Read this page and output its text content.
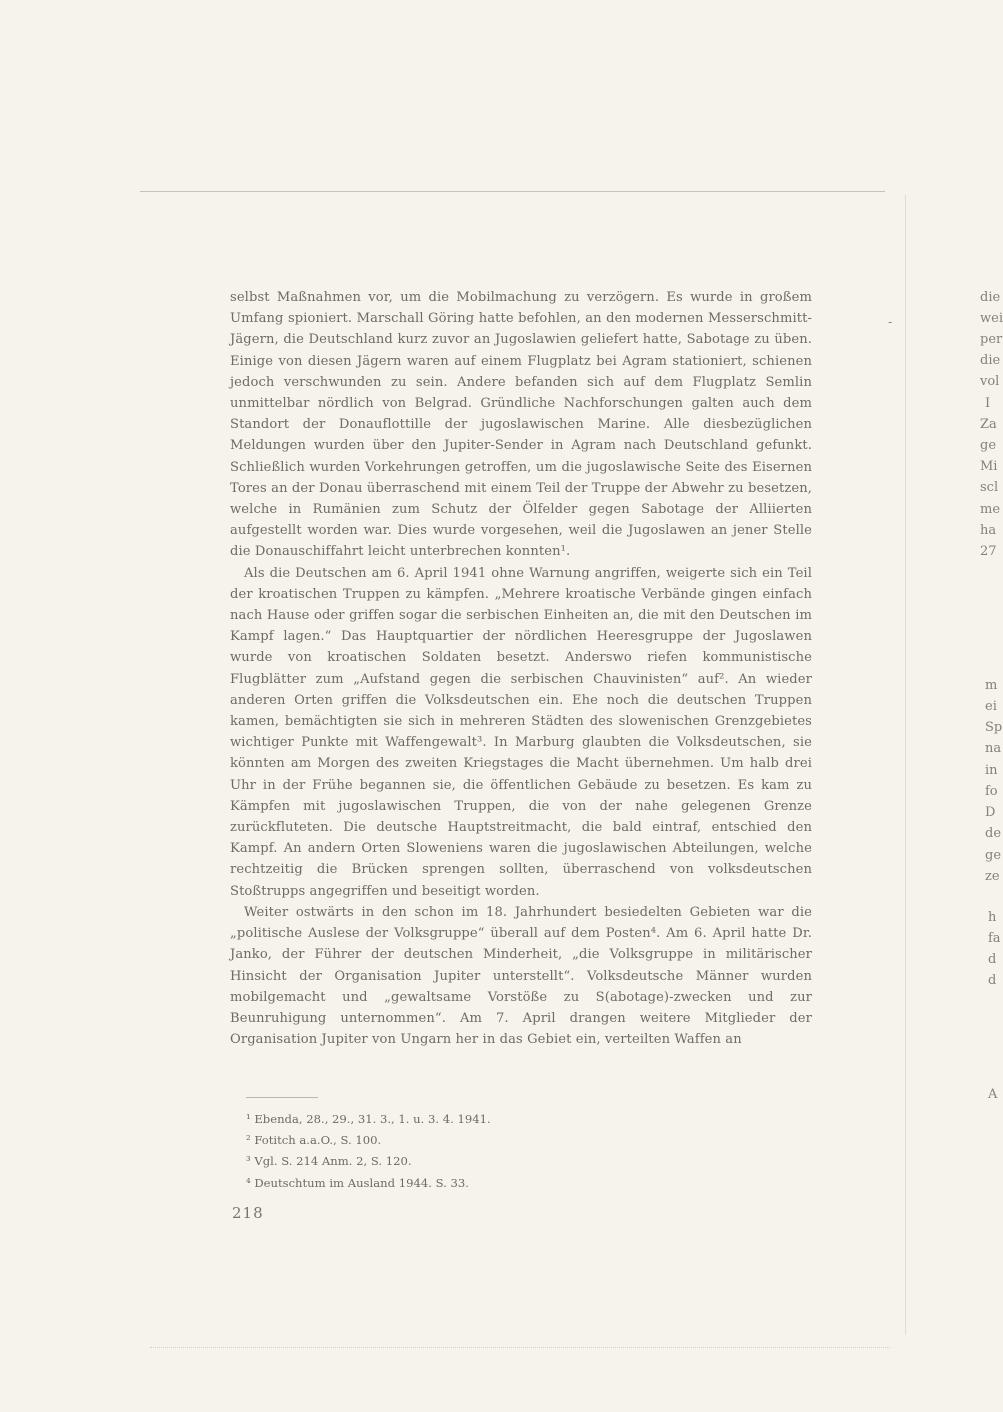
selbst Maßnahmen vor, um die Mobilmachung zu verzögern. Es wurde in großem Umfang spioniert. Marschall Göring hatte befohlen, an den modernen Messerschmitt-Jägern, die Deutschland kurz zuvor an Jugoslawien geliefert hatte, Sabotage zu üben. Einige von diesen Jägern waren auf einem Flugplatz bei Agram stationiert, schienen jedoch verschwunden zu sein. Andere befanden sich auf dem Flugplatz Semlin unmittelbar nördlich von Belgrad. Gründliche Nachforschungen galten auch dem Standort der Donauflottille der jugoslawischen Marine. Alle diesbezüglichen Meldungen wurden über den Jupiter-Sender in Agram nach Deutschland gefunkt. Schließlich wurden Vorkehrungen getroffen, um die jugoslawische Seite des Eisernen Tores an der Donau überraschend mit einem Teil der Truppe der Abwehr zu besetzen, welche in Rumänien zum Schutz der Ölfelder gegen Sabotage der Alliierten aufgestellt worden war. Dies wurde vorgesehen, weil die Jugoslawen an jener Stelle die Donauschiffahrt leicht unterbrechen konnten¹.

Als die Deutschen am 6. April 1941 ohne Warnung angriffen, weigerte sich ein Teil der kroatischen Truppen zu kämpfen. „Mehrere kroatische Verbände gingen einfach nach Hause oder griffen sogar die serbischen Einheiten an, die mit den Deutschen im Kampf lagen.“ Das Hauptquartier der nördlichen Heeresgruppe der Jugoslawen wurde von kroatischen Soldaten besetzt. Anderswo riefen kommunistische Flugblätter zum „Aufstand gegen die serbischen Chauvinisten“ auf². An wieder anderen Orten griffen die Volksdeutschen ein. Ehe noch die deutschen Truppen kamen, bemächtigten sie sich in mehreren Städten des slowenischen Grenzgebietes wichtiger Punkte mit Waffengewalt³. In Marburg glaubten die Volksdeutschen, sie könnten am Morgen des zweiten Kriegstages die Macht übernehmen. Um halb drei Uhr in der Frühe begannen sie, die öffentlichen Gebäude zu besetzen. Es kam zu Kämpfen mit jugoslawischen Truppen, die von der nahe gelegenen Grenze zurückfluteten. Die deutsche Hauptstreitmacht, die bald eintraf, entschied den Kampf. An andern Orten Sloweniens waren die jugoslawischen Abteilungen, welche rechtzeitig die Brücken sprengen sollten, überraschend von volksdeutschen Stoßtrupps angegriffen und beseitigt worden.

Weiter ostwärts in den schon im 18. Jahrhundert besiedelten Gebieten war die „politische Auslese der Volksgruppe“ überall auf dem Posten⁴. Am 6. April hatte Dr. Janko, der Führer der deutschen Minderheit, „die Volksgruppe in militärischer Hinsicht der Organisation Jupiter unterstellt“. Volksdeutsche Männer wurden mobilgemacht und „gewaltsame Vorstöße zu S(abotage)-zwecken und zur Beunruhigung unternommen“. Am 7. April drangen weitere Mitglieder der Organisation Jupiter von Ungarn her in das Gebiet ein, verteilten Waffen an

-
¹ Ebenda, 28., 29., 31. 3., 1. u. 3. 4. 1941.
² Fotitch a.a.O., S. 100.
³ Vgl. S. 214 Anm. 2, S. 120.
⁴ Deutschtum im Ausland 1944. S. 33.
218
die
wei
per
die
vol
I
Za
ge
Mi
scl
me
ha
27
m
ei
Sp
na
in
fo
D
de
ge
ze
h
fa
d
d
A
